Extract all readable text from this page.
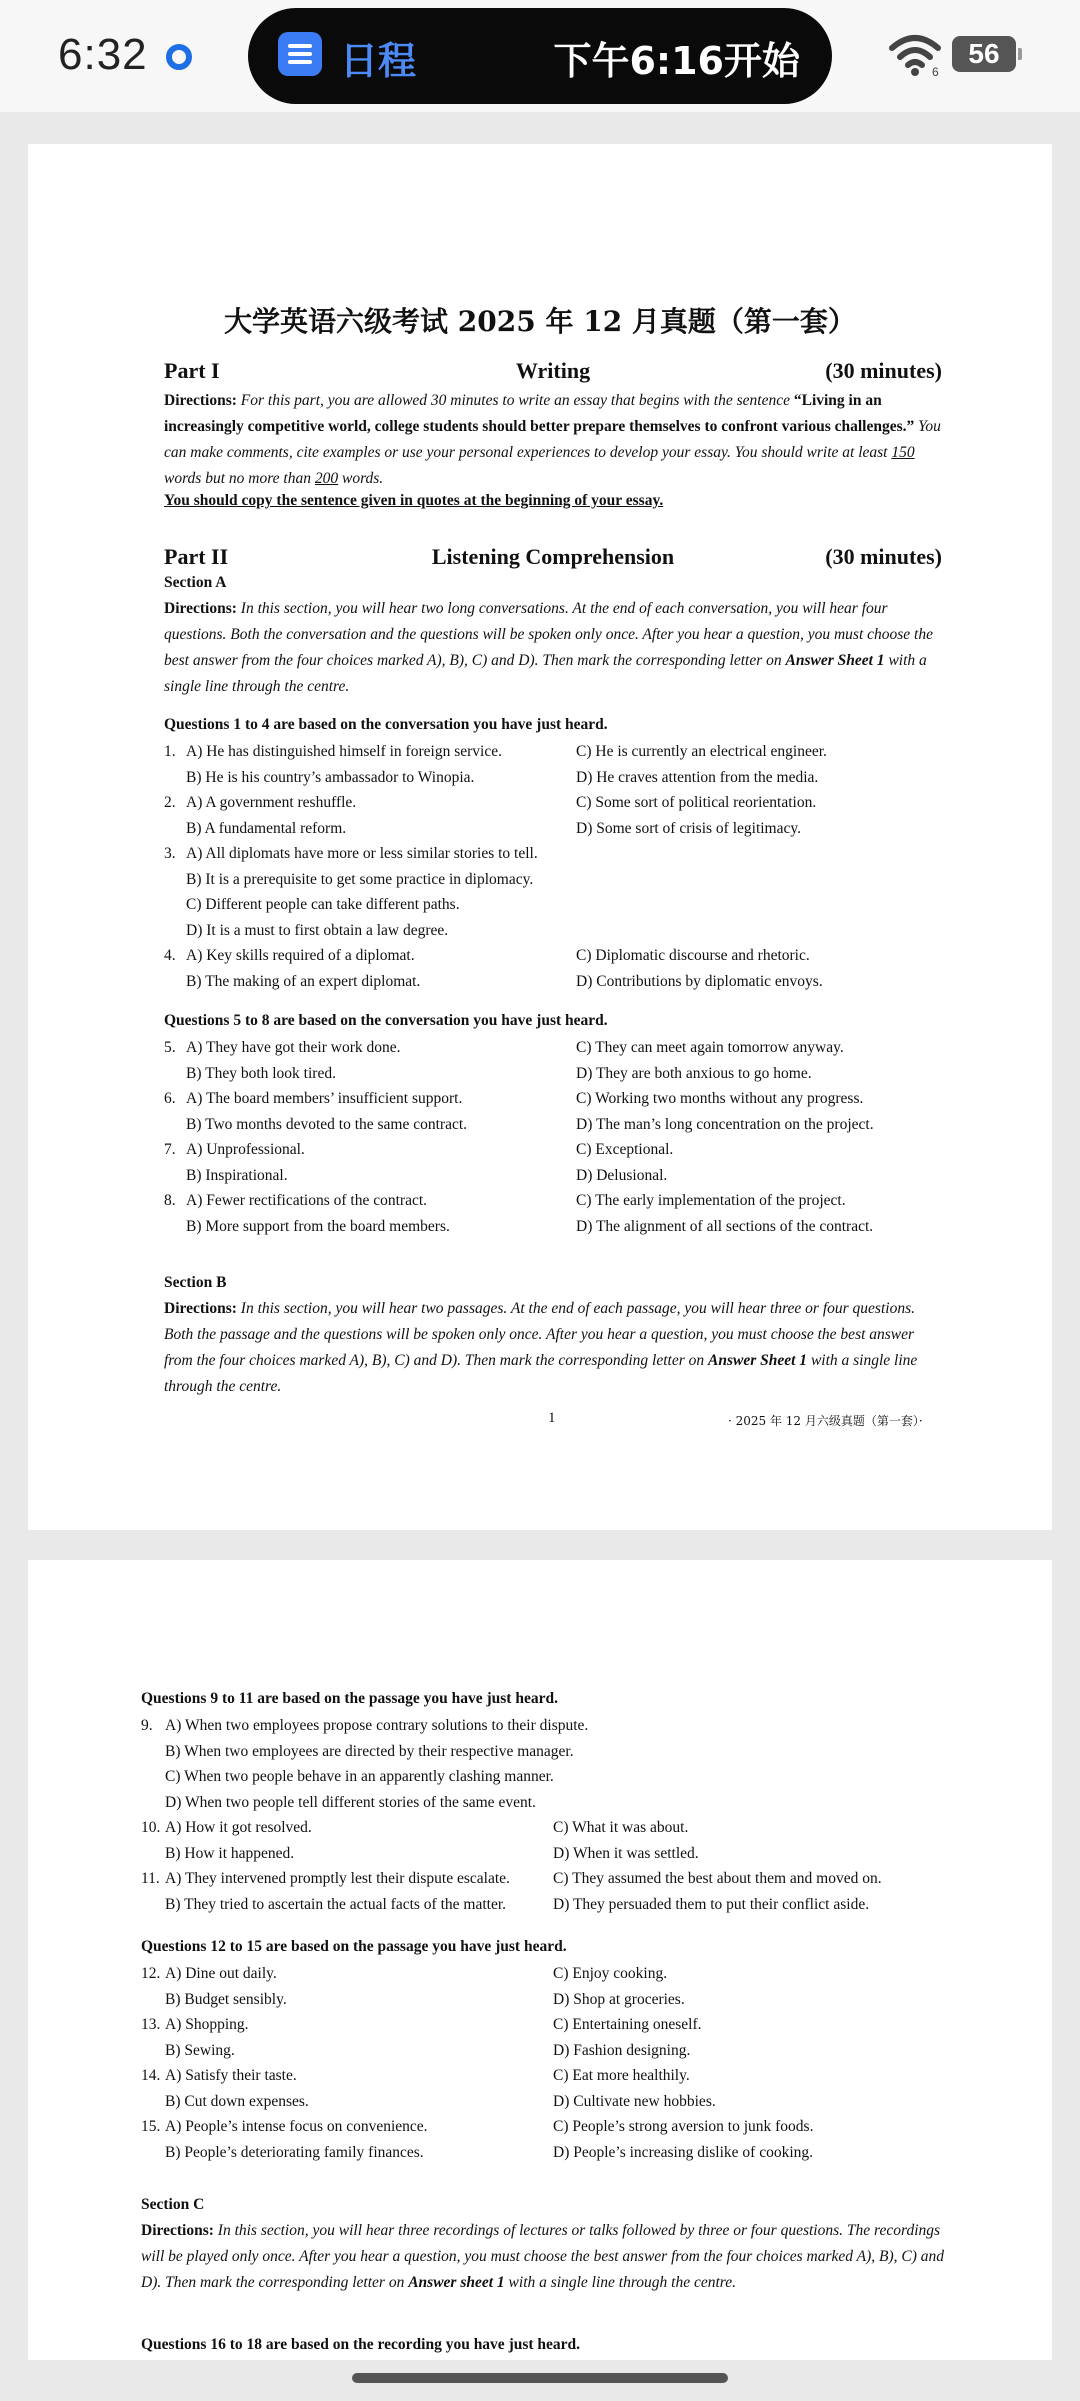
6:32	日程	下午6:16开始	6
56
大学英语六级考试 2025 年 12 月真题（第一套）
Part I	Writing	(30 minutes)
Directions: For this part, you are allowed 30 minutes to write an essay that begins with the sentence “Living in an increasingly competitive world, college students should better prepare themselves to confront various challenges.” You can make comments, cite examples or use your personal experiences to develop your essay. You should write at least 150 words but no more than 200 words.
You should copy the sentence given in quotes at the beginning of your essay.
Part II	Listening Comprehension	(30 minutes)
Section A
Directions: In this section, you will hear two long conversations. At the end of each conversation, you will hear four questions. Both the conversation and the questions will be spoken only once. After you hear a question, you must choose the best answer from the four choices marked A), B), C) and D). Then mark the corresponding letter on Answer Sheet 1 with a single line through the centre.
Questions 1 to 4 are based on the conversation you have just heard.
1. A) He has distinguished himself in foreign service.	C) He is currently an electrical engineer.
B) He is his country’s ambassador to Winopia.	D) He craves attention from the media.
2. A) A government reshuffle.	C) Some sort of political reorientation.
B) A fundamental reform.	D) Some sort of crisis of legitimacy.
3. A) All diplomats have more or less similar stories to tell.
B) It is a prerequisite to get some practice in diplomacy.
C) Different people can take different paths.
D) It is a must to first obtain a law degree.
4. A) Key skills required of a diplomat.	C) Diplomatic discourse and rhetoric.
B) The making of an expert diplomat.	D) Contributions by diplomatic envoys.
Questions 5 to 8 are based on the conversation you have just heard.
5. A) They have got their work done.	C) They can meet again tomorrow anyway.
B) They both look tired.	D) They are both anxious to go home.
6. A) The board members’ insufficient support.	C) Working two months without any progress.
B) Two months devoted to the same contract.	D) The man’s long concentration on the project.
7. A) Unprofessional.	C) Exceptional.
B) Inspirational.	D) Delusional.
8. A) Fewer rectifications of the contract.	C) The early implementation of the project.
B) More support from the board members.	D) The alignment of all sections of the contract.
Section B
Directions: In this section, you will hear two passages. At the end of each passage, you will hear three or four questions. Both the passage and the questions will be spoken only once. After you hear a question, you must choose the best answer from the four choices marked A), B), C) and D). Then mark the corresponding letter on Answer Sheet 1 with a single line through the centre.
1	· 2025 年 12 月六级真题（第一套）·
Questions 9 to 11 are based on the passage you have just heard.
9. A) When two employees propose contrary solutions to their dispute.
B) When two employees are directed by their respective manager.
C) When two people behave in an apparently clashing manner.
D) When two people tell different stories of the same event.
10. A) How it got resolved.	C) What it was about.
B) How it happened.	D) When it was settled.
11. A) They intervened promptly lest their dispute escalate.	C) They assumed the best about them and moved on.
B) They tried to ascertain the actual facts of the matter.	D) They persuaded them to put their conflict aside.
12. A) Dine out daily.	C) Enjoy cooking.
B) Budget sensibly.	D) Shop at groceries.
13. A) Shopping.	C) Entertaining oneself.
B) Sewing.	D) Fashion designing.
14. A) Satisfy their taste.	C) Eat more healthily.
B) Cut down expenses.	D) Cultivate new hobbies.
15. A) People’s intense focus on convenience.	C) People’s strong aversion to junk foods.
B) People’s deteriorating family finances.	D) People’s increasing dislike of cooking.
Questions 12 to 15 are based on the passage you have just heard.
Section C
Directions: In this section, you will hear three recordings of lectures or talks followed by three or four questions. The recordings will be played only once. After you hear a question, you must choose the best answer from the four choices marked A), B), C) and D). Then mark the corresponding letter on Answer sheet 1 with a single line through the centre.
Questions 16 to 18 are based on the recording you have just heard.
